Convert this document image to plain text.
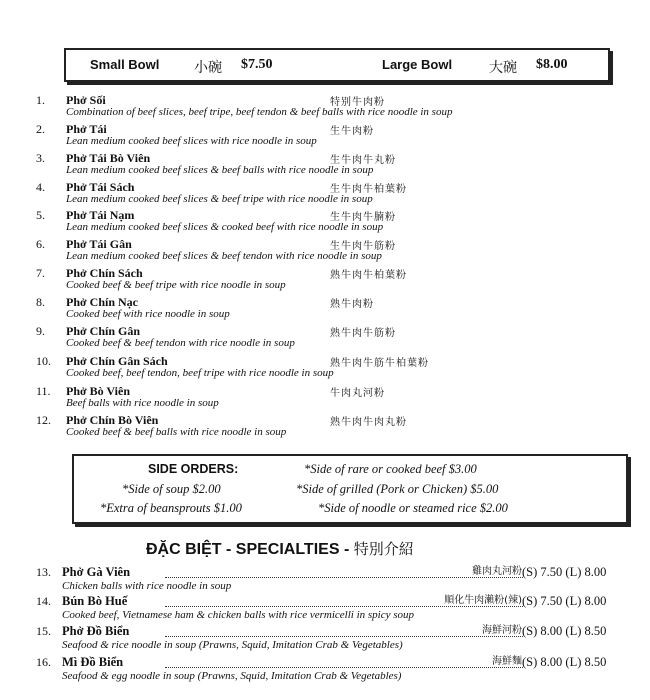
Small Bowl 小碗 $7.50	Large Bowl	大碗 $8.00
1. Phở Sối	特别牛肉粉
Combination of beef slices, beef tripe, beef tendon & beef balls with rice noodle in soup
2. Phở Tái	生牛肉粉
Lean medium cooked beef slices with rice noodle in soup
3. Phở Tái Bò Viên	生牛肉牛丸粉
Lean medium cooked beef slices & beef balls with rice noodle in soup
4. Phở Tái Sách	生牛肉牛柏葉粉
Lean medium cooked beef slices & beef tripe with rice noodle in soup
5. Phở Tái Nạm	生牛肉牛腩粉
Lean medium cooked beef slices & cooked beef with rice noodle in soup
6. Phở Tái Gân	生牛肉牛筋粉
Lean medium cooked beef slices & beef tendon with rice noodle in soup
7. Phở Chín Sách	熟牛肉牛柏葉粉
Cooked beef & beef tripe with rice noodle in soup
8. Phở Chín Nạc	熟牛肉粉
Cooked beef with rice noodle in soup
9. Phở Chín Gân	熟牛肉牛筋粉
Cooked beef & beef tendon with rice noodle in soup
10. Phở Chín Gân Sách	熟牛肉牛筋牛柏葉粉
Cooked beef, beef tendon, beef tripe with rice noodle in soup
11. Phở Bò Viên	牛肉丸河粉
Beef balls with rice noodle in soup
12. Phở Chín Bò Viên	熟牛肉牛肉丸粉
Cooked beef & beef balls with rice noodle in soup
SIDE ORDERS:	*Side of rare or cooked beef $3.00
*Side of soup $2.00	*Side of grilled (Pork or Chicken) $5.00
*Extra of beansprouts $1.00	*Side of noodle or steamed rice $2.00
ĐẶC BIỆT - SPECIALTIES - 特別介紹
13. Phở Gà Viên	雞肉丸河粉 (S) 7.50 (L) 8.00
Chicken balls with rice noodle in soup
14. Bún Bò Huế	順化牛肉瀨粉(辣) (S) 7.50 (L) 8.00
Cooked beef, Vietnamese ham & chicken balls with rice vermicelli in spicy soup
15. Phở Đồ Biển	海鮮河粉 (S) 8.00 (L) 8.50
Seafood & rice noodle in soup (Prawns, Squid, Imitation Crab & Vegetables)
16. Mì Đồ Biển	海鮮麵 (S) 8.00 (L) 8.50
Seafood & egg noodle in soup (Prawns, Squid, Imitation Crab & Vegetables)
